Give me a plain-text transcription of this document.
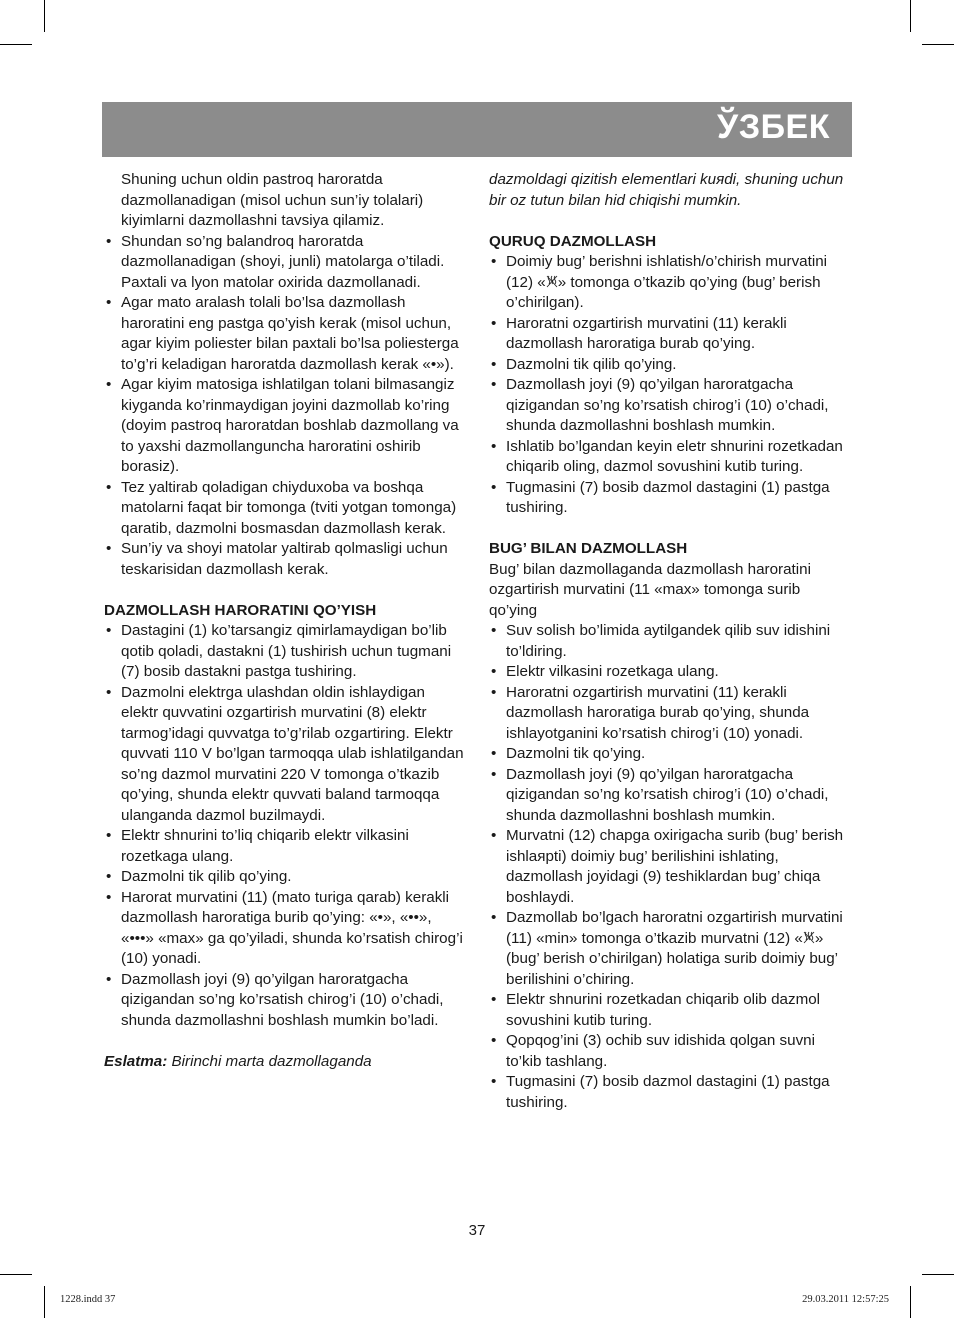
ЎЗБЕК

Shuning uchun oldin pastroq haroratda dazmollanadigan (misol uchun sun’iy tolalari) kiyimlarni dazmollashni tavsiya qilamiz.

• Shundan so’ng balandroq haroratda dazmollanadigan (shoyi, junli) matolarga o’tiladi. Paxtali va lyon matolar oxirida dazmollanadi.
• Agar mato aralash tolali bo’lsa dazmollash haroratini eng pastga qo’yish kerak (misol uchun, agar kiyim poliester bilan paxtali bo’lsa poliesterga to’g’ri keladigan haroratda dazmollash kerak «•»).
• Agar kiyim matosiga ishlatilgan tolani bilmasangiz kiyganda ko’rinmaydigan joyini dazmollab ko’ring (doyim pastroq haroratdan boshlab dazmollang va to yaxshi dazmollanguncha haroratini oshirib borasiz).
• Tez yaltirab qoladigan chiyduxoba va boshqa matolarni faqat bir tomonga (tviti yotgan tomonga) qaratib, dazmolni bosmasdan dazmollash kerak.
• Sun’iy va shoyi matolar yaltirab qolmasligi uchun teskarisidan dazmollash kerak.

DAZMOLLASH HARORATINI QO’YISH

• Dastagini (1) ko’tarsangiz qimirlamaydigan bo’lib qotib qoladi, dastakni (1) tushirish uchun tugmani (7) bosib dastakni pastga tushiring.
• Dazmolni elektrga ulashdan oldin ishlaydigan elektr quvvatini ozgartirish murvatini (8) elektr tarmog’idagi quvvatga to’g’rilab ozgartiring. Elektr quvvati 110 V bo’lgan tarmoqqa ulab ishlatilgandan so’ng dazmol murvatini 220 V tomonga o’tkazib qo’ying, shunda elektr quvvati baland tarmoqqa ulanganda dazmol buzilmaydi.
• Elektr shnurini to’liq chiqarib elektr vilkasini rozetkaga ulang.
• Dazmolni tik qilib qo’ying.
• Harorat murvatini (11) (mato turiga qarab) kerakli dazmollash haroratiga burib qo’ying: «•», «••», «•••» «max» ga qo’yiladi, shunda ko’rsatish chirog’i (10) yonadi.
• Dazmollash joyi (9) qo’yilgan haroratgacha qizigandan so’ng ko’rsatish chirog’i (10) o’chadi, shunda dazmollashni boshlash mumkin bo’ladi.

Eslatma: Birinchi marta dazmollaganda

dazmoldagi qizitish elementlari kuяdi, shuning uchun bir oz tutun bilan hid chiqishi mumkin.

QURUQ DAZMOLLASH

• Doimiy bug’ berishni ishlatish/o’chirish murvatini (12) « » tomonga o’tkazib qo’ying (bug’ berish o’chirilgan).
• Haroratni ozgartirish murvatini (11) kerakli dazmollash haroratiga burab qo’ying.
• Dazmolni tik qilib qo’ying.
• Dazmollash joyi (9) qo’yilgan haroratgacha qizigandan so’ng ko’rsatish chirog’i (10) o’chadi, shunda dazmollashni boshlash mumkin.
• Ishlatib bo’lgandan keyin eletr shnurini rozetkadan chiqarib oling, dazmol sovushini kutib turing.
• Tugmasini (7) bosib dazmol dastagini (1) pastga tushiring.

BUG’ BILAN DAZMOLLASH

Bug’ bilan dazmollaganda dazmollash haroratini ozgartirish murvatini (11 «max» tomonga surib qo’ying

• Suv solish bo’limida aytilgandek qilib suv idishini to’ldiring.
• Elektr vilkasini rozetkaga ulang.
• Haroratni ozgartirish murvatini (11) kerakli dazmollash haroratiga burab qo’ying, shunda ishlayotganini ko’rsatish chirog’i (10) yonadi.
• Dazmolni tik qo’ying.
• Dazmollash joyi (9) qo’yilgan haroratgacha qizigandan so’ng ko’rsatish chirog’i (10) o’chadi, shunda dazmollashni boshlash mumkin.
• Murvatni (12) chapga oxirigacha surib (bug’ berish ishlaяpti) doimiy bug’ berilishini ishlating, dazmollash joyidagi (9) teshiklardan bug’ chiqa boshlaydi.
• Dazmollab bo’lgach haroratni ozgartirish murvatini (11) «min» tomonga o’tkazib murvatni (12) « » (bug’ berish o’chirilgan) holatiga surib doimiy bug’ berilishini o’chiring.
• Elektr shnurini rozetkadan chiqarib olib dazmol sovushini kutib turing.
• Qopqog’ini (3) ochib suv idishida qolgan suvni to’kib tashlang.
• Tugmasini (7) bosib dazmol dastagini (1) pastga tushiring.
37
1228.indd 37	29.03.2011 12:57:25
